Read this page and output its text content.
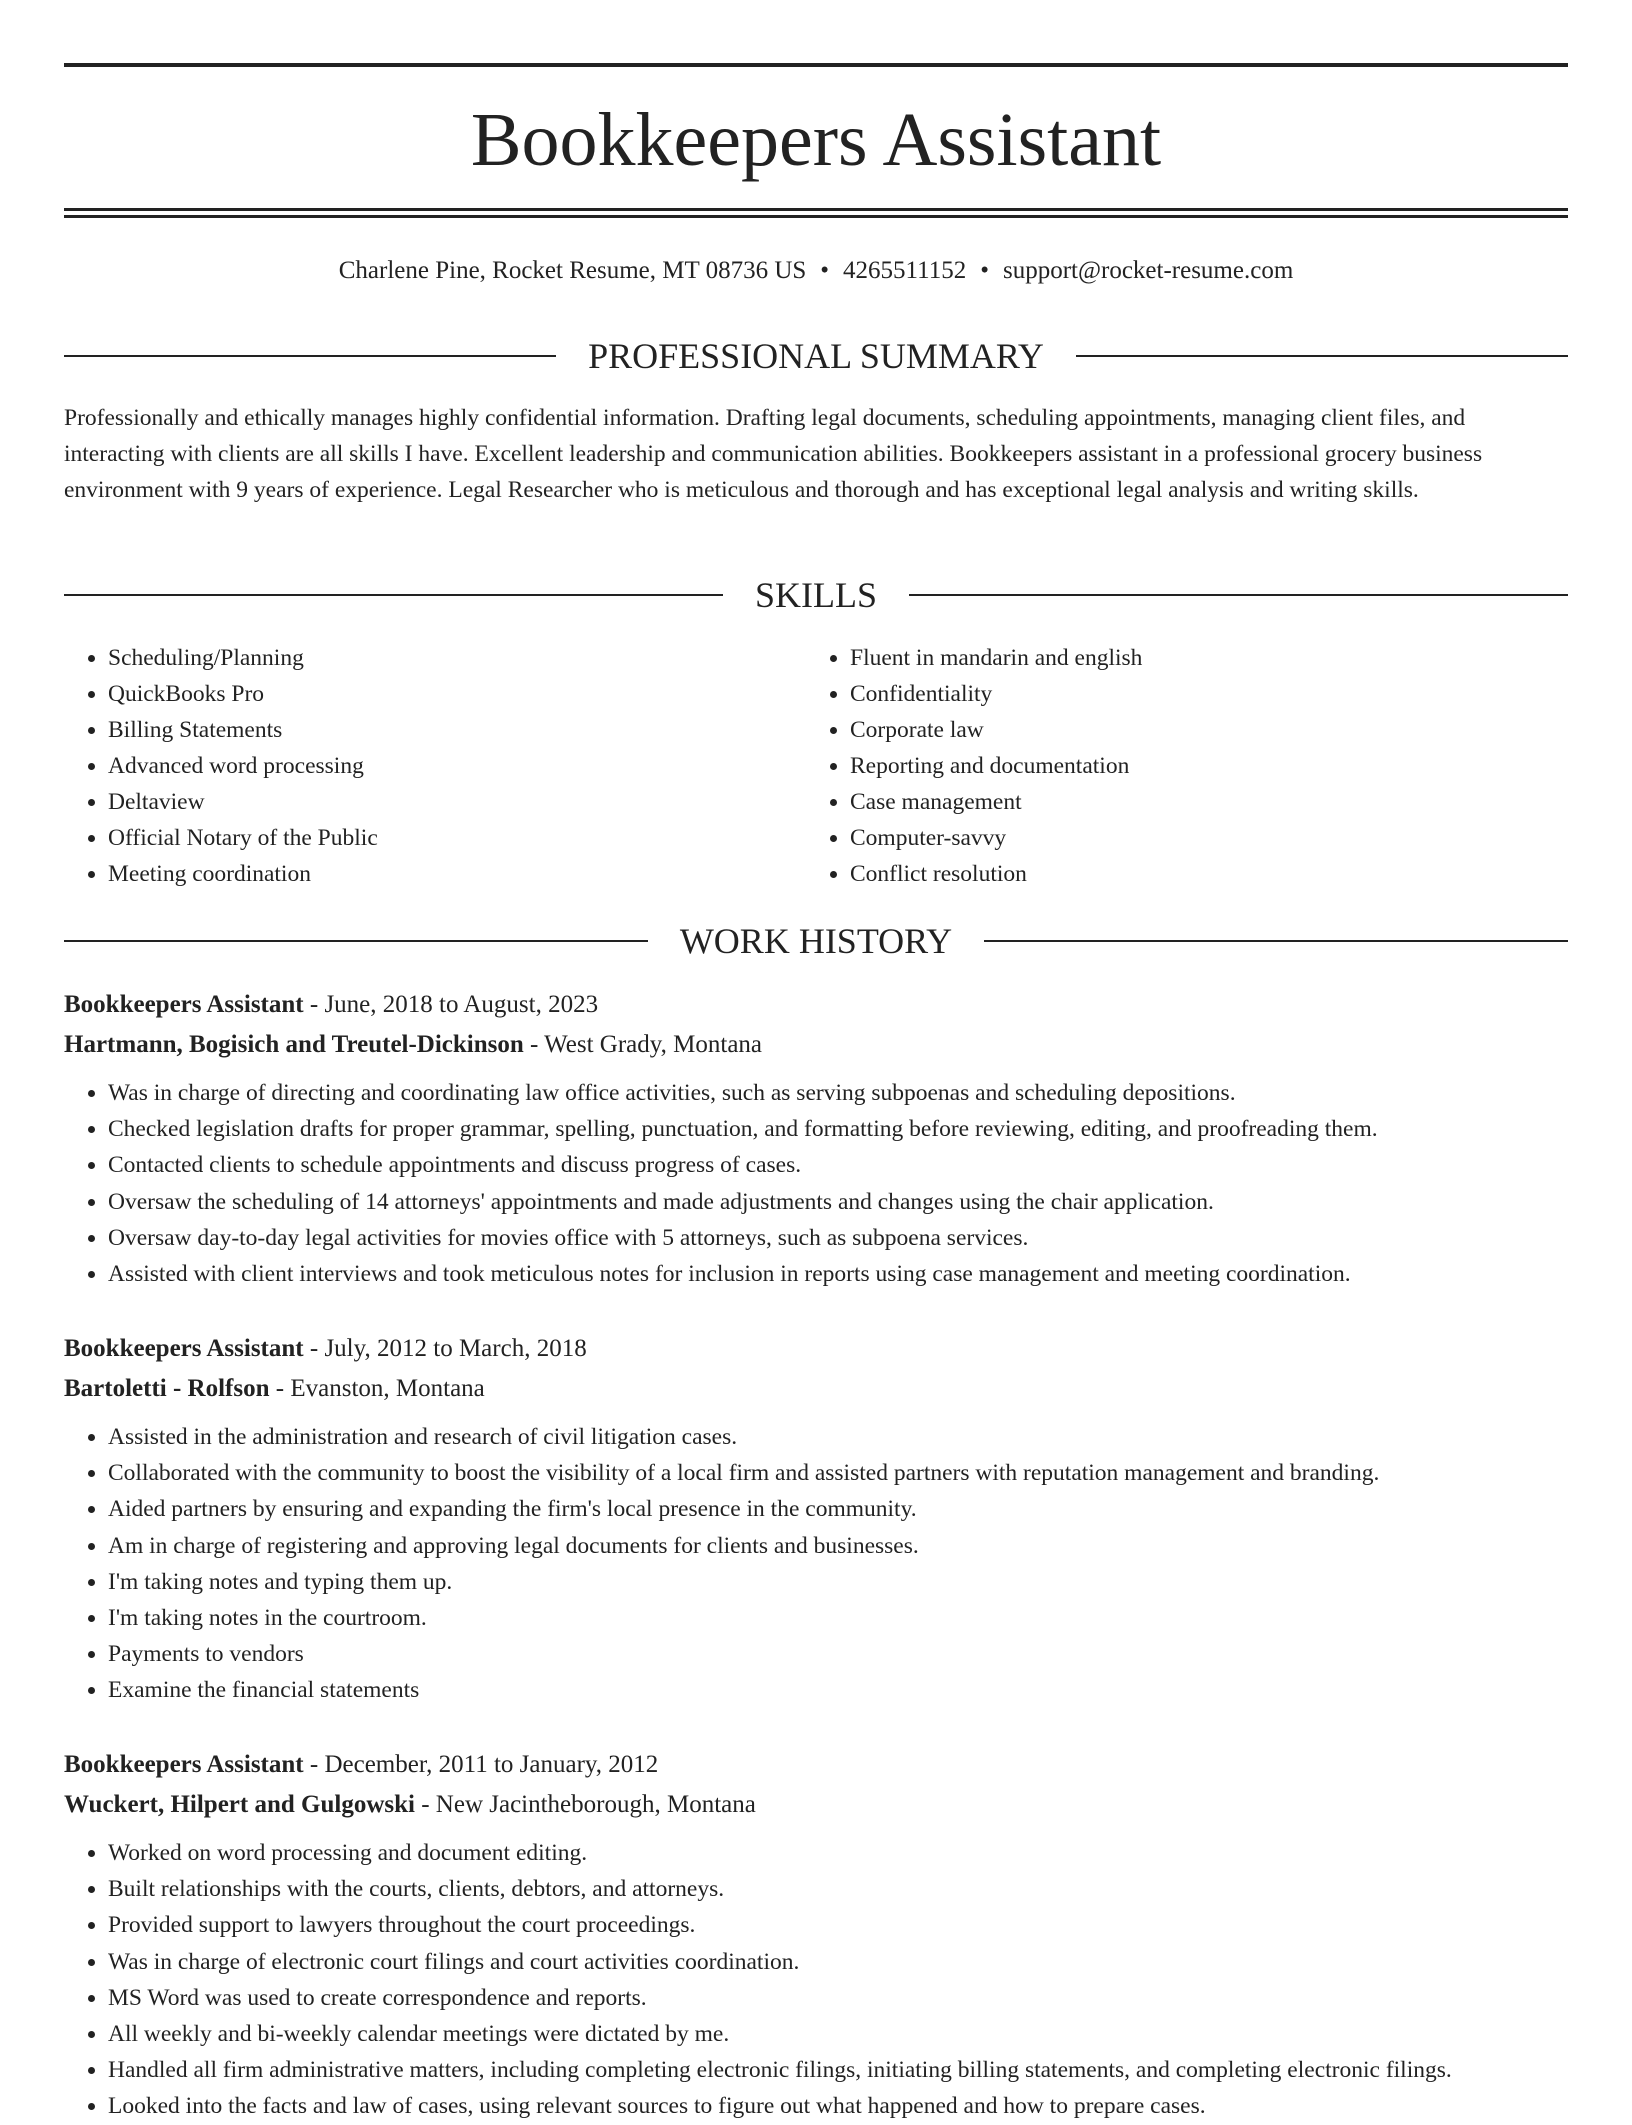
Bookkeepers Assistant
Charlene Pine, Rocket Resume, MT 08736 US • 4265511152 • support@rocket-resume.com
PROFESSIONAL SUMMARY

Professionally and ethically manages highly confidential information. Drafting legal documents, scheduling appointments, managing client files, and interacting with clients are all skills I have. Excellent leadership and communication abilities. Bookkeepers assistant in a professional grocery business environment with 9 years of experience. Legal Researcher who is meticulous and thorough and has exceptional legal analysis and writing skills.

SKILLS
• Scheduling/Planning
• QuickBooks Pro
• Billing Statements
• Advanced word processing
• Deltaview
• Official Notary of the Public
• Meeting coordination
• Fluent in mandarin and english
• Confidentiality
• Corporate law
• Reporting and documentation
• Case management
• Computer-savvy
• Conflict resolution
WORK HISTORY
Bookkeepers Assistant - June, 2018 to August, 2023
Hartmann, Bogisich and Treutel-Dickinson - West Grady, Montana
• Was in charge of directing and coordinating law office activities, such as serving subpoenas and scheduling depositions.
• Checked legislation drafts for proper grammar, spelling, punctuation, and formatting before reviewing, editing, and proofreading them.
• Contacted clients to schedule appointments and discuss progress of cases.
• Oversaw the scheduling of 14 attorneys' appointments and made adjustments and changes using the chair application.
• Oversaw day-to-day legal activities for movies office with 5 attorneys, such as subpoena services.
• Assisted with client interviews and took meticulous notes for inclusion in reports using case management and meeting coordination.
Bookkeepers Assistant - July, 2012 to March, 2018
Bartoletti - Rolfson - Evanston, Montana
• Assisted in the administration and research of civil litigation cases.
• Collaborated with the community to boost the visibility of a local firm and assisted partners with reputation management and branding.
• Aided partners by ensuring and expanding the firm's local presence in the community.
• Am in charge of registering and approving legal documents for clients and businesses.
• I'm taking notes and typing them up.
• I'm taking notes in the courtroom.
• Payments to vendors
• Examine the financial statements
Bookkeepers Assistant - December, 2011 to January, 2012
Wuckert, Hilpert and Gulgowski - New Jacintheborough, Montana
• Worked on word processing and document editing.
• Built relationships with the courts, clients, debtors, and attorneys.
• Provided support to lawyers throughout the court proceedings.
• Was in charge of electronic court filings and court activities coordination.
• MS Word was used to create correspondence and reports.
• All weekly and bi-weekly calendar meetings were dictated by me.
• Handled all firm administrative matters, including completing electronic filings, initiating billing statements, and completing electronic filings.
• Looked into the facts and law of cases, using relevant sources to figure out what happened and how to prepare cases.
